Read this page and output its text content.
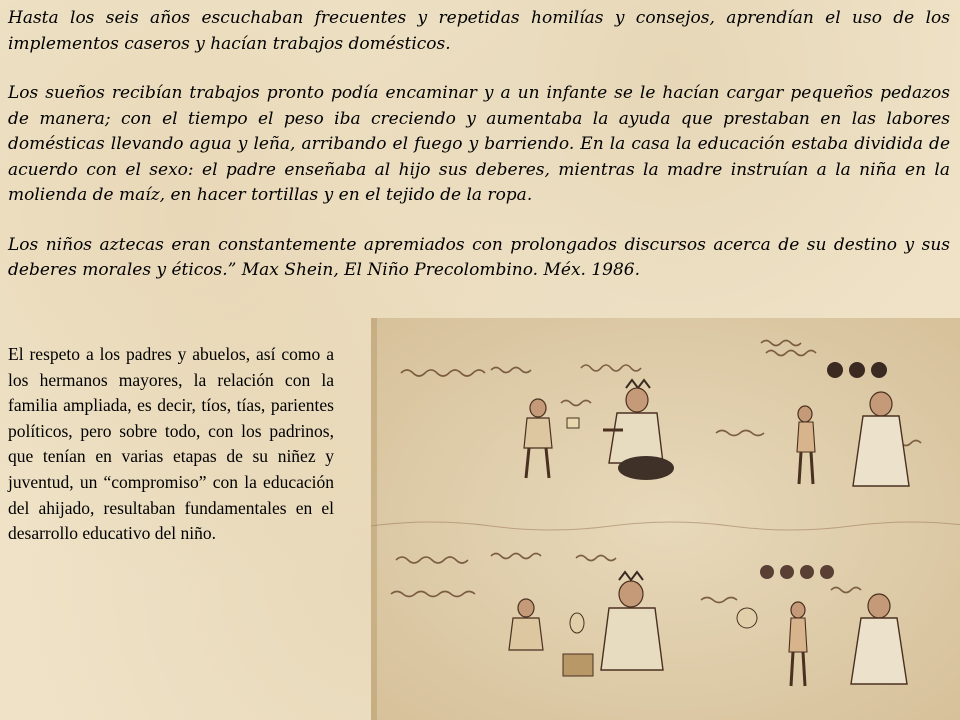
Hasta los seis años escuchaban frecuentes y repetidas homilías y consejos, aprendían el uso de los implementos caseros y hacían trabajos domésticos.

Los sueños recibían trabajos pronto podía encaminar y a un infante se le hacían cargar pequeños pedazos de manera; con el tiempo el peso iba creciendo y aumentaba la ayuda que prestaban en las labores domésticas llevando agua y leña, arribando el fuego y barriendo. En la casa la educación estaba dividida de acuerdo con el sexo: el padre enseñaba al hijo sus deberes, mientras la madre instruían a la niña en la molienda de maíz, en hacer tortillas y en el tejido de la ropa.

Los niños aztecas eran constantemente apremiados con prolongados discursos acerca de su destino y sus deberes morales y éticos.” Max Shein, El Niño Precolombino. Méx. 1986.

El respeto a los padres y abuelos, así como a los hermanos mayores, la relación con la familia ampliada, es decir, tíos, tías, parientes políticos, pero sobre todo, con los padrinos, que tenían en varias etapas de su niñez y juventud, un “compromiso” con la educación del ahijado, resultaban fundamentales en el desarrollo educativo del niño.
